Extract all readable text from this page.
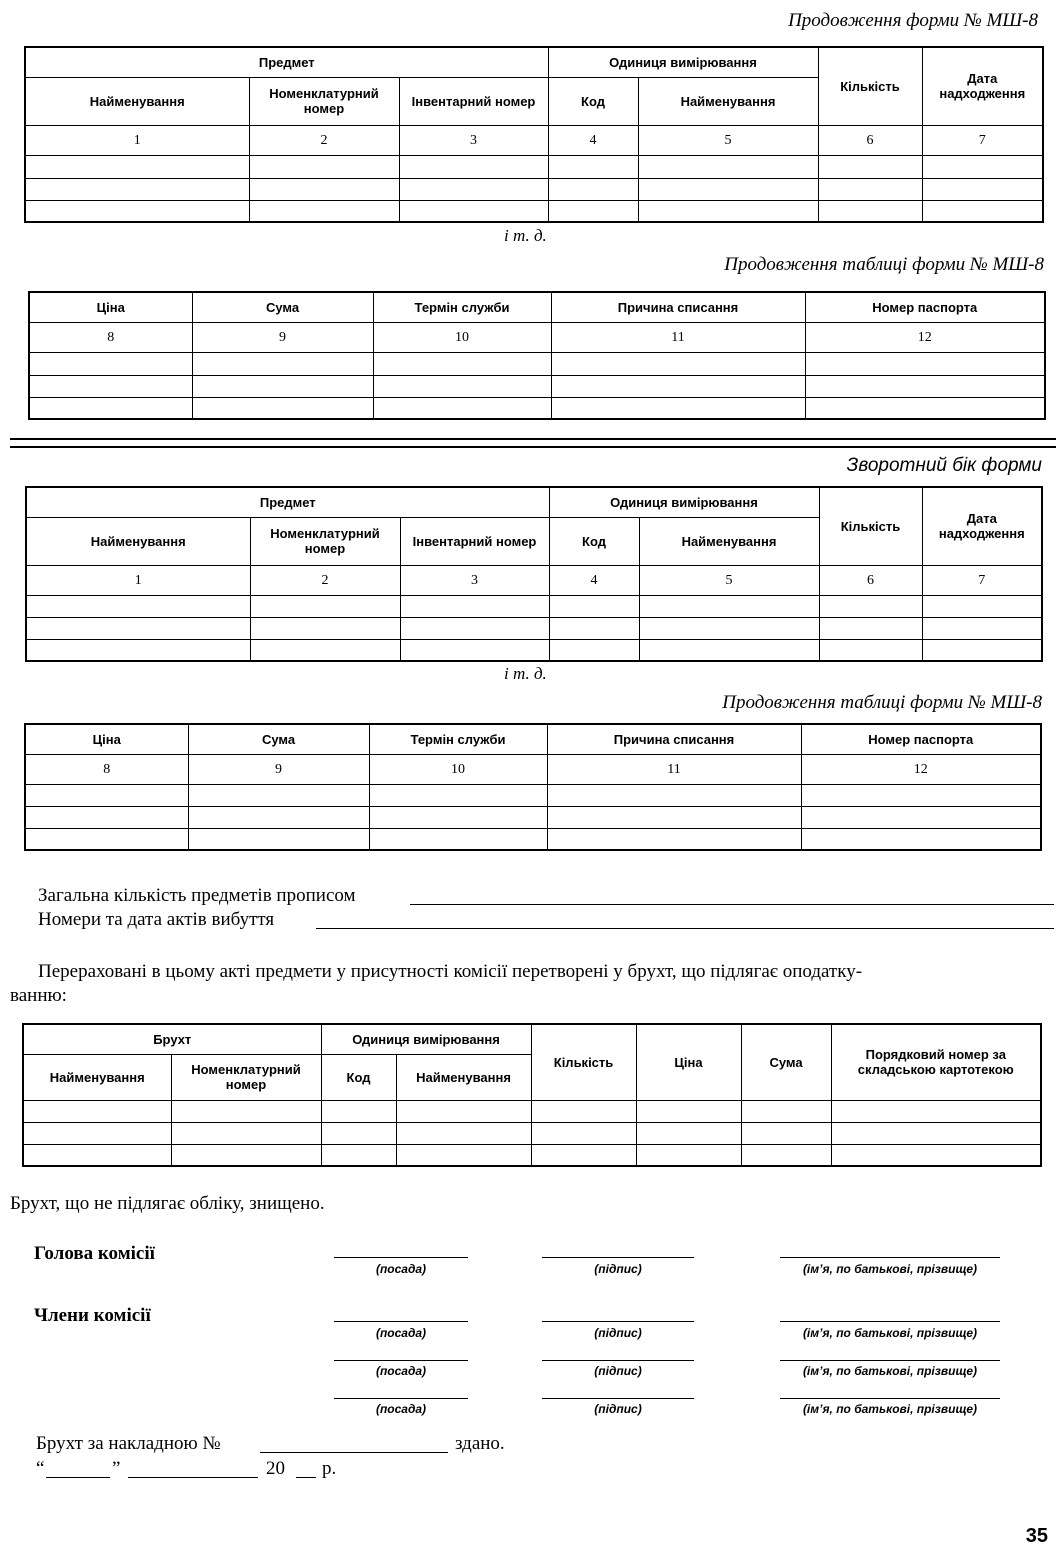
Продовження форми № МШ-8
Предмет			Одиниця вимірювання		Кількість	Дата надходження
Найменування	Номенклатурний номер	Інвентарний номер	Код	Найменування		
1	2	3	4	5	6	7

і т. д.
Продовження таблиці форми № МШ-8
Ціна	Сума	Термін служби	Причина списання	Номер паспорта
8	9	10	11	12

Зворотний бік форми
Предмет			Одиниця вимірювання		Кількість	Дата надходження
Найменування	Номенклатурний номер	Інвентарний номер	Код	Найменування		
1	2	3	4	5	6	7

і т. д.
Продовження таблиці форми № МШ-8
Ціна	Сума	Термін служби	Причина списання	Номер паспорта
8	9	10	11	12

Загальна кількість предметів прописом
Номери та дата актів вибуття
Перераховані в цьому акті предмети у присутності комісії перетворені у брухт, що підлягає оподатку-
ванню:
Брухт		Одиниця вимірювання		Кількість	Ціна	Сума	Порядковий номер за складською картотекою
Найменування	Номенклатурний номер	Код	Найменування				

Брухт, що не підлягає обліку, знищено.
Голова комісії
(посада)	(підпис)	(ім’я, по батькові, прізвище)
Члени комісії
(посада)	(підпис)	(ім’я, по батькові, прізвище)
(посада)	(підпис)	(ім’я, по батькові, прізвище)
(посада)	(підпис)	(ім’я, по батькові, прізвище)
Брухт за накладною №	здано.
“	”	20 р.
35
